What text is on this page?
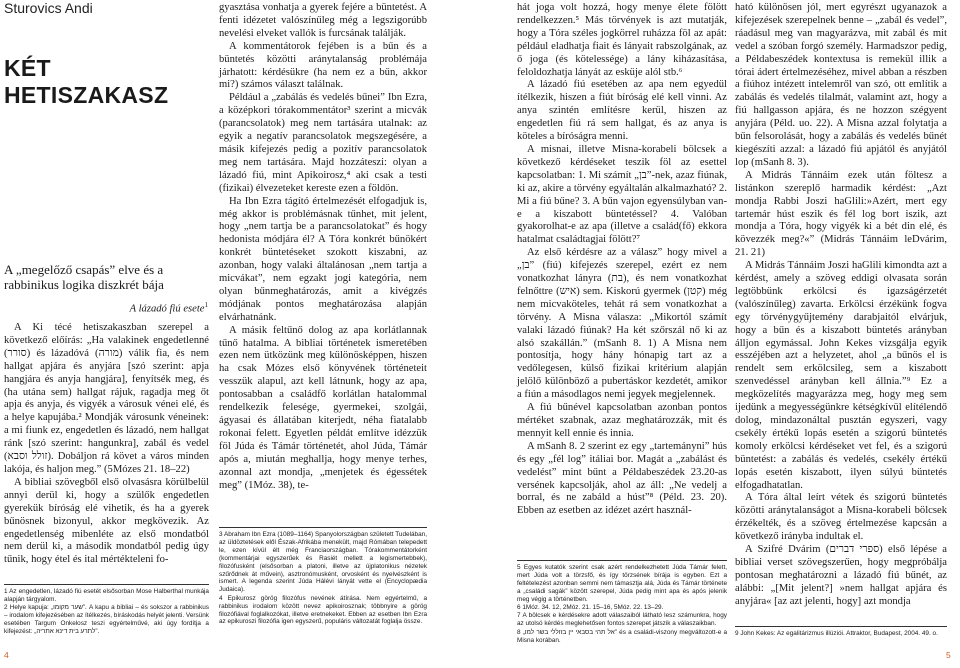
Sturovics Andi
KÉT
HETISZAKASZ
A „megelőző csapás” elve és a rabbinikus logika diszkrét bája
A lázadó fiú esete$^1$

A Ki técé hetiszakaszban szerepel a következő előírás: „Ha valakinek engedetlenné (סורר) és lázadóvá (מורה) válik fia, és nem hallgat apjára és anyjára [szó szerint: apja hangjára és anyja hangjára], fenyítsék meg, és (ha utána sem) hallgat rájuk, ragadja meg őt apja és anyja, és vigyék a városuk vénei elé, és a helye kapujába.² Mondják városunk véneinek: a mi fiunk ez, engedetlen és lázadó, nem hallgat ránk [szó szerint: hangunkra], zabál és vedel (זולל וסבא). Dobáljon rá követ a város minden lakója, és haljon meg.” (5Mózes 21. 18–22)

A bibliai szövegből első olvasásra körülbelül annyi derül ki, hogy a szülők engedetlen gyerekük bíróság elé vihetik, és ha a gyerek bűnösnek bizonyul, akkor megkövezik. Az engedetlenség mibenléte az első mondatból nem derül ki, a második mondatból pedig úgy tűnik, hogy étel és ital mértékteleni fo-

1 Az engedetlen, lázadó fiú esetét elsősorban Mose Halberthal munkája alapján tárgyalom.
2 Helye kapuja: „שער מקומו”. A kapu a bibliai – és sokszor a rabbinikus – irodalom kifejezésében az ítélkezés, bíráskodás helyét jelenti. Versünk esetében Targum Onkelosz teszi egyértelművé, aki úgy fordítja a kifejezést: „לתרע בית דינא אתריה”.

gyasztása vonhatja a gyerek fejére a büntetést. A fenti idézetet valószínűleg még a legszigorúbb nevelési elveket vallók is furcsának találják.

A kommentátorok fejében is a bűn és a büntetés közötti aránytalanság problémája járhatott: kérdésükre (ha nem ez a bűn, akkor mi?) számos választ találnak.

Például a „zabálás és vedelés bűnei” Ibn Ezra, a középkori tórakommentátor³ szerint a micvák (parancsolatok) meg nem tartására utalnak: az egyik a negatív parancsolatok megszegésére, a másik kifejezés pedig a pozitív parancsolatok meg nem tartására. Majd hozzáteszi: olyan a lázadó fiú, mint Apikoirosz,⁴ aki csak a testi (fizikai) élvezeteket kereste ezen a földön.

Ha Ibn Ezra tágító értelmezését elfogadjuk is, még akkor is problémásnak tűnhet, mit jelent, hogy „nem tartja be a parancsolatokat” és hogy hedonista módjára él? A Tóra konkrét bűnökért konkrét büntetéseket szokott kiszabni, az azonban, hogy valaki általánosan „nem tartja a micvákat”, nem egzakt jogi kategória, nem olyan bűnmeghatározás, amit a kivégzés módjának pontos meghatározása alapján elvárhatnánk.

A másik feltűnő dolog az apa korlátlannak tűnő hatalma. A bibliai történetek ismeretében ezen nem ütközünk meg különösképpen, hiszen ha csak Mózes első könyvének történeteit vesszük alapul, azt kell látnunk, hogy az apa, pontosabban a családfő korlátlan hatalommal rendelkezik felesége, gyermekei, szolgái, ágyasai és állatában kiterjedt, néha fiatalabb rokonai felett. Egyetlen példát említve idézzük föl Júda és Támár történetét, ahol Júda, Támár após a, miután meghallja, hogy menye terhes, azonnal azt mondja, „menjetek és égessétek meg” (1Móz. 38), te-

3 Abraham Ibn Ezra (1089–1164) Spanyolországban született Tudelában, az üldöztetések elől Észak-Afrikába menekült, majd Rómában telepedett le, ezen kívül élt még Franciaországban. Tórakommentátorként (kommentárjai egyszerűek és Rasiét mellett a legismertebbek), filozófusként (elsősorban a platoni, illetve az újplatonikus nézetek szűrődnek át művein), asztronómusként, orvosként és nyelvészként is ismert. A legenda szerint Júda Hálévi lányát vette el (Encyclopædia Judaica).
4 Epikurosz görög filozófus nevének átírása. Nem egyértelmű, a rabbinikus irodalom között nevez apikoirosznak; többnyire a görög filozófiával foglalkozókat, illetve eretnekeket. Ebben az esetben Ibn Ezra az epikuroszi filozófia igen egyszerű, populáris változatát foglalja össze.

hát joga volt hozzá, hogy menye élete fölött rendelkezzen.⁵ Más törvények is azt mutatják, hogy a Tóra széles jogkörrel ruházza föl az apát: például eladhatja fiait és lányait rabszolgának, az ő joga (és kötelessége) a lány kiházasítása, feloldozhatja lányát az esküje alól stb.⁶

A lázadó fiú esetében az apa nem egyedül ítélkezik, hiszen a fiút bíróság elé kell vinni. Az anya szintén említésre kerül, hiszen az engedetlen fiú rá sem hallgat, és az anya is köteles a bíróságra menni.

A misnai, illetve Misna-korabeli bölcsek a következő kérdéseket teszik föl az esettel kapcsolatban: 1. Mi számít „בן”-nek, azaz fiúnak, ki az, akire a törvény egyáltalán alkalmazható? 2. Mi a fiú bűne? 3. A bűn vajon egyensúlyban van-e a kiszabott büntetéssel? 4. Valóban gyakorolhat-e az apa (illetve a család(fő) ekkora hatalmat családtagjai fölött?⁷

Az első kérdésre az a válasz” hogy mivel a „בן” (fiú) kifejezés szerepel, ezért ez nem vonatkozhat lányra (בת), és nem vonatkozhat felnőttre (איש) sem. Kiskorú gyermek (קטן) még nem micvaköteles, tehát rá sem vonatkozhat a törvény. A Misna válasza: „Mikortól számít valaki lázadó fiúnak? Ha két szőrszál nő ki az alsó szakállán.” (mSanh 8. 1) A Misna nem pontosítja, hogy hány hónapig tart az a vedőlegesen, külső fizikai kritérium alapján jelölő különböző a pubertáskor kezdetét, amikor a fiún a másodlagos nemi jegyek megjelennek.

A fiú bűnével kapcsolatban azonban pontos mértéket szabnak, azaz meghatározzák, mit és mennyit kell ennie és innia.

A mSanh 8. 2 szerint ez egy „tartemányni” hús és egy „fél log” itáliai bor. Magát a „zabálást és vedelést” mint bűnt a Példabeszédek 23.20-as versének kapcsolják, ahol az áll: „Ne vedelj a borral, és ne zabáld a húst”⁸ (Péld. 23. 20). Ebben az esetben az idézet azért használ-

5 Egyes kutatók szerint csak azért rendelkezhetett Júda Támár felett, mert Júda volt a törzsfő, és így törzsének bírája is egyben. Ezt a feltételezést azonban semmi nem támasztja alá, Júda és Támár története a „családi sagák” között szerepel, Júda pedig mint apa és após jelenik meg végig a történetben.
6 1Móz. 34. 12, 2Móz. 21. 15–16, 5Móz. 22. 13–29.
7 A bölcsek e kérdésekre adott válaszaiból látható lesz számunkra, hogy az utolsó kérdés meglehetősen fontos szerepet játszik a válaszaikban.
8 „אל תהי בסבאי יין בזוללי בשר למו” és a családi-viszony megváltozott-e a Misna korában.

ható különösen jól, mert egyrészt ugyanazok a kifejezések szerepelnek benne – „zabál és vedel”, ráadásul meg van magyarázva, mit zabál és mit vedel a szóban forgó személy. Harmadszor pedig, a Példabeszédek kontextusa is remekül illik a tórai ádert értelmezéséhez, mivel abban a részben a fiúhoz intézett intelemről van szó, ott említik a zabálás és vedelés tilalmát, valamint azt, hogy a fiú hallgasson apjára, és ne hozzon szégyent anyjára (Péld. uo. 22). A Misna azzal folytatja a bűn felsorolását, hogy a zabálás és vedelés bűnét kiegészíti azzal: a lázadó fiú apjától és anyjától lop (mSanh 8. 3).

A Midrás Tánnáim ezek után föltesz a listánkon szereplő harmadik kérdést: „Azt mondja Rabbi Joszi haGlili:»Azért, mert egy tartemár húst eszik és fél log bort iszik, azt mondja a Tóra, hogy vigyék ki a bét din elé, és kövezzék meg?«” (Midrás Tánnáim leDvárim, 21. 21)

A Midrás Tánnáim Joszi haGlili kimondta azt a kérdést, amely a szöveg eddigi olvasata során legtöbbünk erkölcsi és igazságérzetét (valószínűleg) zavarta. Erkölcsi érzékünk fogva egy törvénygyűjtemény darabjaitól elvárjuk, hogy a bűn és a kiszabott büntetés arányban álljon egymással. John Kekes vizsgálja egyik esszéjében azt a helyzetet, ahol „a bűnös el is rendelt sem erkölcsileg, sem a kiszabott szenvedéssel arányban kell állnia.”⁹ Ez a megközelítés magyarázza meg, hogy meg sem ijedünk a megyességünkre kétségkívül elítélendő dolog, mindazonáltal pusztán egyszeri, vagy csekély értékű lopás esetén a szigorú büntetés komoly erkölcsi kérdéseket vet fel, és a szigorú büntetést: a zabálás és vedelés, csekély értékű lopás esetén kiszabott, ilyen súlyú büntetés elfogadhatatlan.

A Tóra által leírt vétek és szigorú büntetés közötti aránytalanságot a Misna-korabeli bölcsek érzékelték, és a szöveg értelmezése kapcsán a következő irányba indultak el.

A Szifré Dvárim (ספרי דברים) első lépése a bibliai verset szövegszerűen, hogy megpróbálja pontosan meghatározni a lázadó fiú bűnét, az alábbi: „[Mit jelent?] »nem hallgat apjára és anyjára« [az azt jelenti, hogy] azt mondja

9 John Kekes: Az egalitárizmus illúziói. Attraktor, Budapest, 2004. 49. o.
4	5
